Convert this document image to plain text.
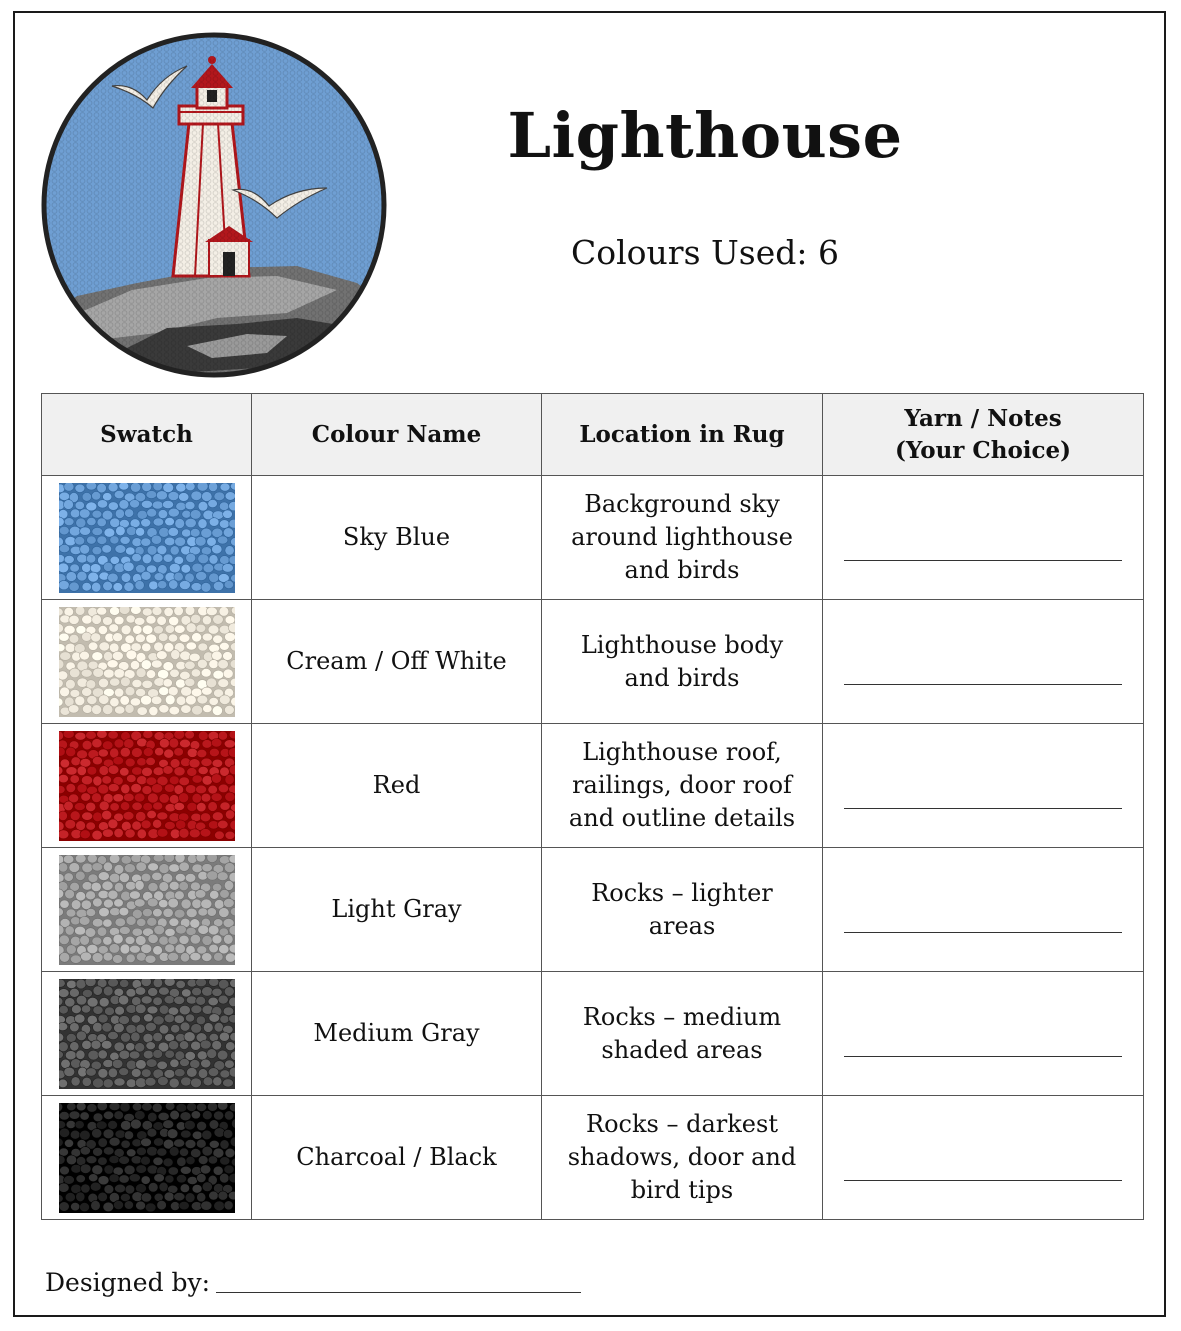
Lighthouse
Colours Used: 6
Swatch	Colour Name	Location in Rug	Yarn / Notes (Your Choice)

	Sky Blue	Background sky around lighthouse and birds	

	Cream / Off White	Lighthouse body and birds	

	Red	Lighthouse roof, railings, door roof and outline details	

	Light Gray	Rocks – lighter areas	

	Medium Gray	Rocks – medium shaded areas	

	Charcoal / Black	Rocks – darkest shadows, door and bird tips	
Designed by:
